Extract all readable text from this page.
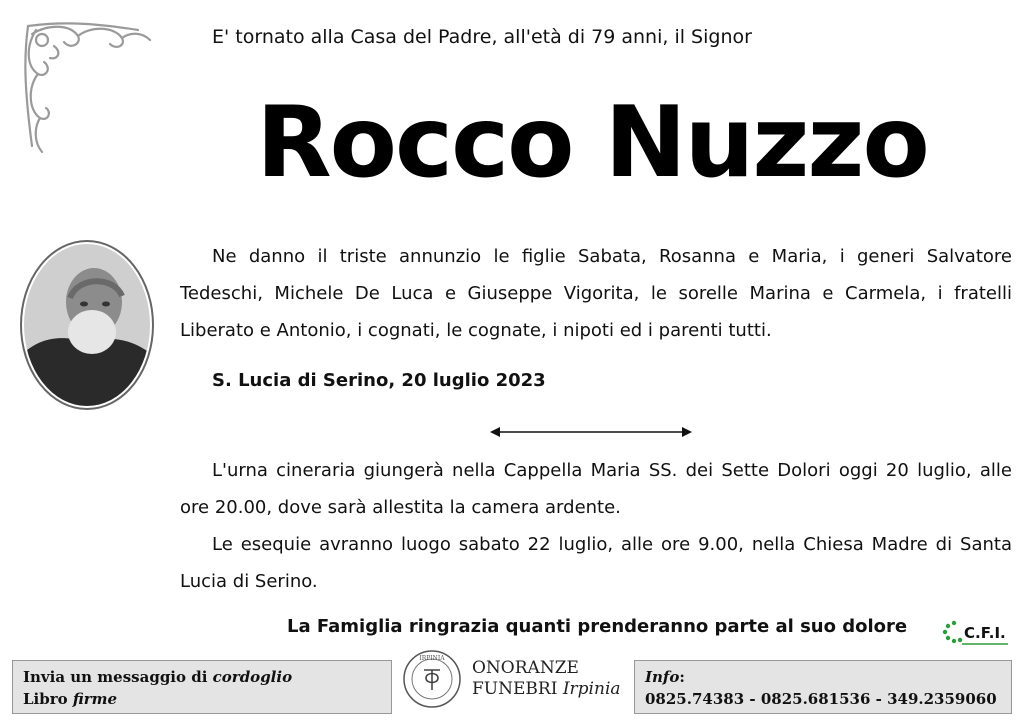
E' tornato alla Casa del Padre, all'età di 79 anni, il Signor
Rocco Nuzzo
Ne danno il triste annunzio le figlie Sabata, Rosanna e Maria, i generi Salvatore Tedeschi, Michele De Luca e Giuseppe Vigorita, le sorelle Marina e Carmela, i fratelli Liberato e Antonio, i cognati, le cognate, i nipoti ed i parenti tutti.
S. Lucia di Serino, 20 luglio 2023
L'urna cineraria giungerà nella Cappella Maria SS. dei Sette Dolori oggi 20 luglio, alle ore 20.00, dove sarà allestita la camera ardente.
Le esequie avranno luogo sabato 22 luglio, alle ore 9.00, nella Chiesa Madre di Santa Lucia di Serino.
La Famiglia ringrazia quanti prenderanno parte al suo dolore	C.F.I.
Invia un messaggio di cordoglio
Libro firme
IRPINIA ONORANZE
FUNEBRI Irpinia
Info:
0825.74383 - 0825.681536 - 349.2359060
